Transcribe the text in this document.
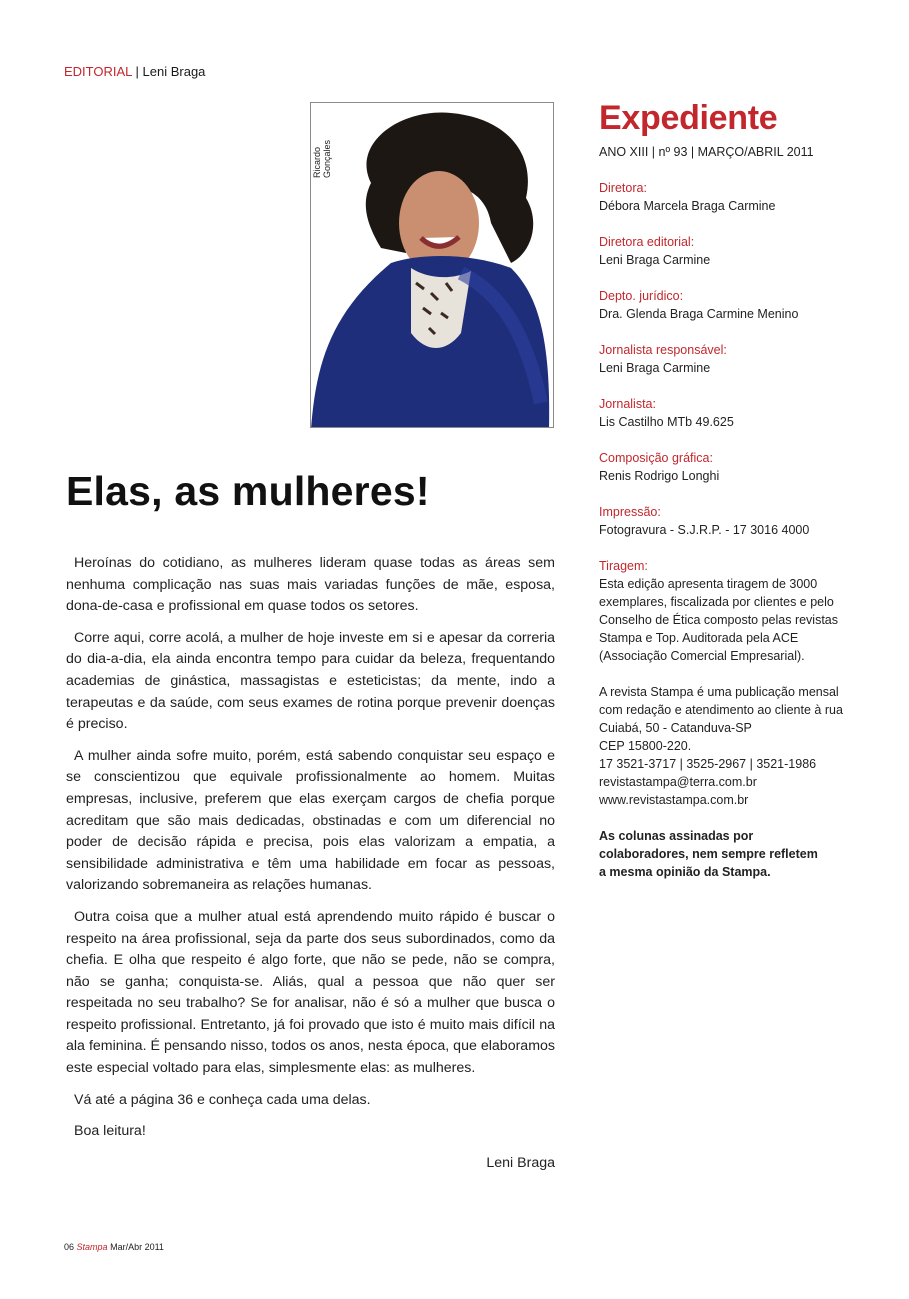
EDITORIAL | Leni Braga
Ricardo Gonçales
Elas, as mulheres!

Heroínas do cotidiano, as mulheres lideram quase todas as áreas sem nenhuma complicação nas suas mais variadas funções de mãe, esposa, dona-de-casa e profissional em quase todos os setores.

Corre aqui, corre acolá, a mulher de hoje investe em si e apesar da correria do dia-a-dia, ela ainda encontra tempo para cuidar da beleza, frequentando academias de ginástica, massagistas e esteticistas; da mente, indo a terapeutas e da saúde, com seus exames de rotina porque prevenir doenças é preciso.

A mulher ainda sofre muito, porém, está sabendo conquistar seu espaço e se conscientizou que equivale profissionalmente ao homem. Muitas empresas, inclusive, preferem que elas exerçam cargos de chefia porque acreditam que são mais dedicadas, obstinadas e com um diferencial no poder de decisão rápida e precisa, pois elas valorizam a empatia, a sensibilidade administrativa e têm uma habilidade em focar as pessoas, valorizando sobremaneira as relações humanas.

Outra coisa que a mulher atual está aprendendo muito rápido é buscar o respeito na área profissional, seja da parte dos seus subordinados, como da chefia. E olha que respeito é algo forte, que não se pede, não se compra, não se ganha; conquista-se. Aliás, qual a pessoa que não quer ser respeitada no seu trabalho? Se for analisar, não é só a mulher que busca o respeito profissional. Entretanto, já foi provado que isto é muito mais difícil na ala feminina. É pensando nisso, todos os anos, nesta época, que elaboramos este especial voltado para elas, simplesmente elas: as mulheres.

Vá até a página 36 e conheça cada uma delas.

Boa leitura!

Leni Braga

Expediente
ANO XIII | nº 93 | MARÇO/ABRIL 2011
Diretora:
Débora Marcela Braga Carmine
Diretora editorial:
Leni Braga Carmine
Depto. jurídico:
Dra. Glenda Braga Carmine Menino
Jornalista responsável:
Leni Braga Carmine
Jornalista:
Lis Castilho MTb 49.625
Composição gráfica:
Renis Rodrigo Longhi
Impressão:
Fotogravura - S.J.R.P. - 17 3016 4000
Tiragem:
Esta edição apresenta tiragem de 3000 exemplares, fiscalizada por clientes e pelo Conselho de Ética composto pelas revistas Stampa e Top. Auditorada pela ACE (Associação Comercial Empresarial).
A revista Stampa é uma publicação mensal
com redação e atendimento ao cliente à rua
Cuiabá, 50 - Catanduva-SP
CEP 15800-220.
17 3521-3717 | 3525-2967 | 3521-1986
revistastampa@terra.com.br
www.revistastampa.com.br
As colunas assinadas por
colaboradores, nem sempre refletem
a mesma opinião da Stampa.
06 Stampa Mar/Abr 2011
